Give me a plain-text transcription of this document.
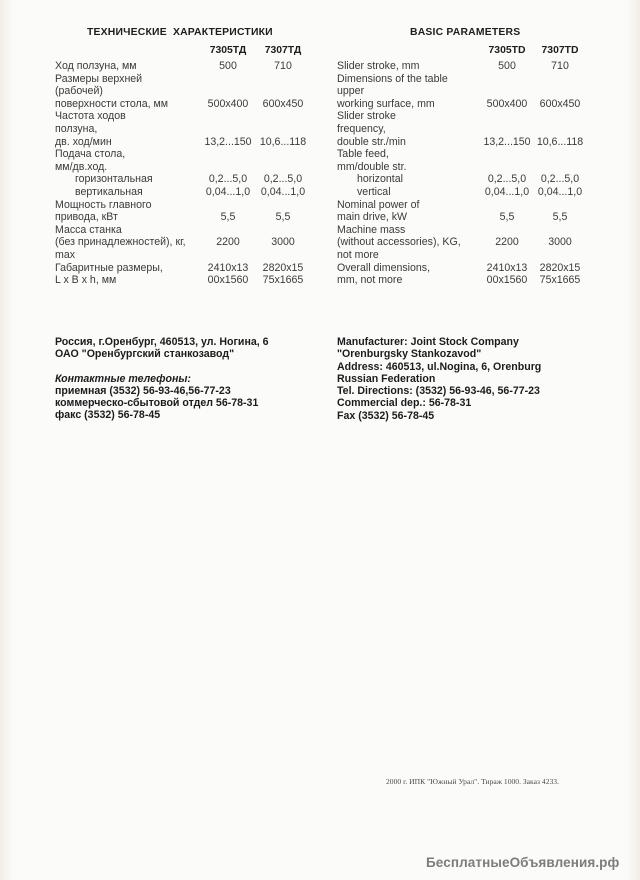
ТЕХНИЧЕСКИЕ ХАРАКТЕРИСТИКИ
7305ТД	7307ТД
Ход ползуна, мм	500	710
Размеры верхней
(рабочей)
поверхности стола, мм	500x400	600x450
Частота ходов
ползуна,
дв. ход/мин	13,2...150 10,6...118
Подача стола,
мм/дв.ход.
горизонтальная	0,2...5,0	0,2...5,0
вертикальная	0,04...1,0	0,04...1,0
Мощность главного
привода, кВт	5,5	5,5
Масса станка
(без принадлежностей), кг,	2200	3000
max
Габаритные размеры,	2410x13	2820x15
L x B x h, мм	00x1560	75x1665
BASIC PARAMETERS
7305TD	7307TD
Slider stroke, mm	500	710
Dimensions of the table
upper
working surface, mm	500x400	600x450
Slider stroke
frequency,
double str./min	13,2...150 10,6...118
Table feed,
mm/double str.
horizontal	0,2...5,0	0,2...5,0
vertical	0,04...1,0 0,04...1,0
Nominal power of
main drive, kW	5,5	5,5
Machine mass
(without accessories), KG,	2200	3000
not more
Overall dimensions,	2410x13	2820x15
mm, not more	00x1560	75x1665
Россия, г.Оренбург, 460513, ул. Ногина, 6
ОАО "Оренбургский станкозавод"
Контактные телефоны:
приемная (3532) 56-93-46,56-77-23
коммерческо-сбытовой отдел 56-78-31
факс (3532) 56-78-45
Manufacturer: Joint Stock Company
"Orenburgsky Stankozavod"
Address: 460513, ul.Nogina, 6, Orenburg
Russian Federation
Tel. Directions: (3532) 56-93-46, 56-77-23
Commercial dep.: 56-78-31
Fax (3532) 56-78-45
2000 г. ИПК "Южный Урал". Тираж 1000. Заказ 4233.
БесплатныеОбъявления.рф
